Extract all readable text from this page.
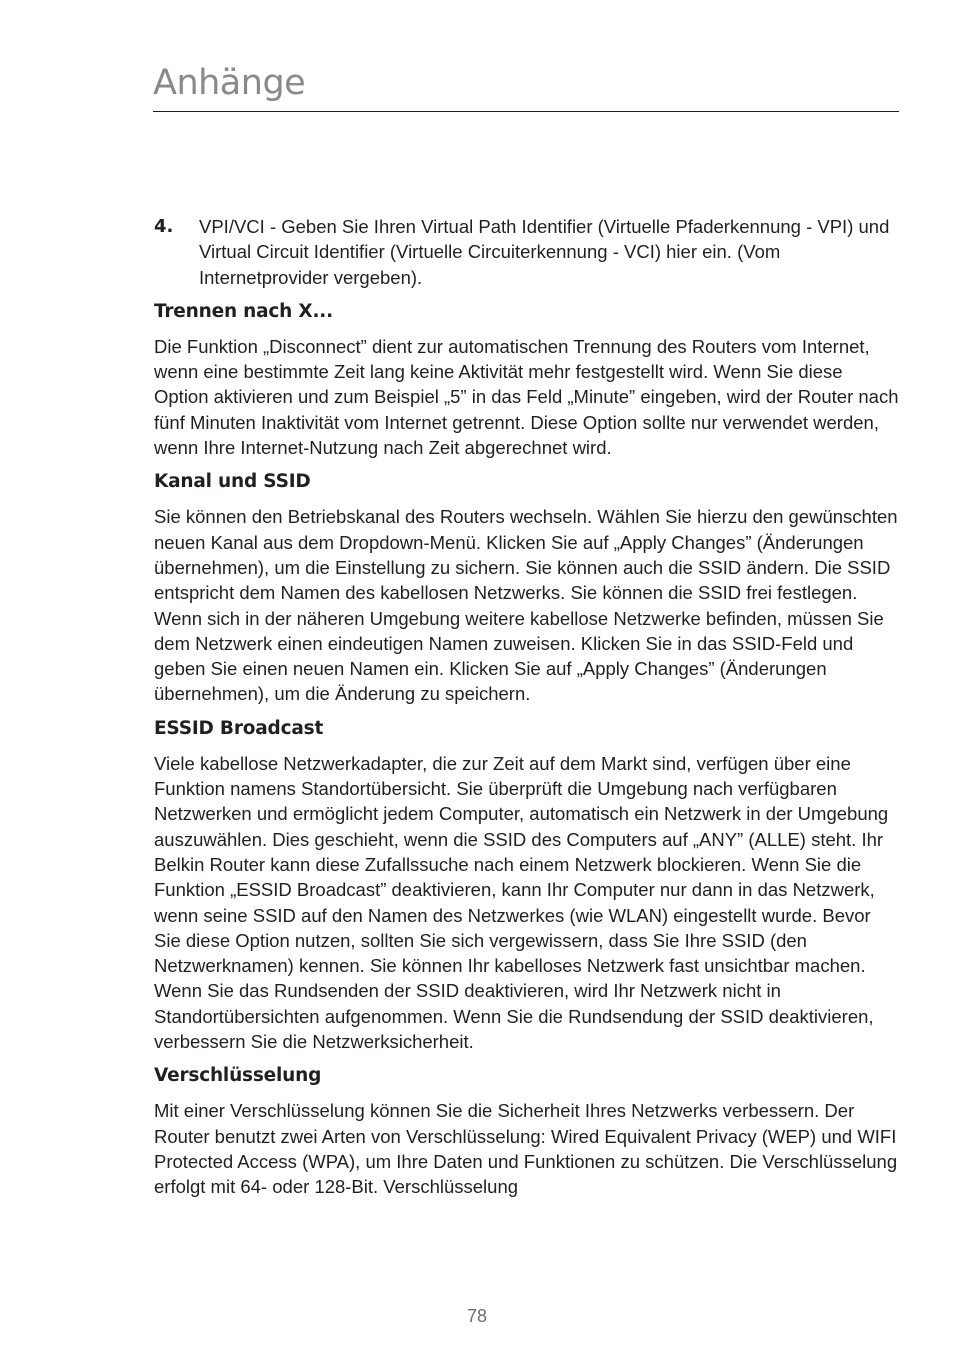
Anhänge
4. VPI/VCI - Geben Sie Ihren Virtual Path Identifier (Virtuelle Pfaderkennung - VPI) und Virtual Circuit Identifier (Virtuelle Circuiterkennung - VCI) hier ein. (Vom Internetprovider vergeben).
Trennen nach X...

Die Funktion „Disconnect” dient zur automatischen Trennung des Routers vom Internet, wenn eine bestimmte Zeit lang keine Aktivität mehr festgestellt wird. Wenn Sie diese Option aktivieren und zum Beispiel „5” in das Feld „Minute” eingeben, wird der Router nach fünf Minuten Inaktivität vom Internet getrennt. Diese Option sollte nur verwendet werden, wenn Ihre Internet-Nutzung nach Zeit abgerechnet wird.

Kanal und SSID

Sie können den Betriebskanal des Routers wechseln. Wählen Sie hierzu den gewünschten neuen Kanal aus dem Dropdown-Menü. Klicken Sie auf „Apply Changes” (Änderungen übernehmen), um die Einstellung zu sichern. Sie können auch die SSID ändern. Die SSID entspricht dem Namen des kabellosen Netzwerks. Sie können die SSID frei festlegen. Wenn sich in der näheren Umgebung weitere kabellose Netzwerke befinden, müssen Sie dem Netzwerk einen eindeutigen Namen zuweisen. Klicken Sie in das SSID-Feld und geben Sie einen neuen Namen ein. Klicken Sie auf „Apply Changes” (Änderungen übernehmen), um die Änderung zu speichern.

ESSID Broadcast

Viele kabellose Netzwerkadapter, die zur Zeit auf dem Markt sind, verfügen über eine Funktion namens Standortübersicht. Sie überprüft die Umgebung nach verfügbaren Netzwerken und ermöglicht jedem Computer, automatisch ein Netzwerk in der Umgebung auszuwählen. Dies geschieht, wenn die SSID des Computers auf „ANY” (ALLE) steht. Ihr Belkin Router kann diese Zufallssuche nach einem Netzwerk blockieren. Wenn Sie die Funktion „ESSID Broadcast” deaktivieren, kann Ihr Computer nur dann in das Netzwerk, wenn seine SSID auf den Namen des Netzwerkes (wie WLAN) eingestellt wurde. Bevor Sie diese Option nutzen, sollten Sie sich vergewissern, dass Sie Ihre SSID (den Netzwerknamen) kennen. Sie können Ihr kabelloses Netzwerk fast unsichtbar machen. Wenn Sie das Rundsenden der SSID deaktivieren, wird Ihr Netzwerk nicht in Standortübersichten aufgenommen. Wenn Sie die Rundsendung der SSID deaktivieren, verbessern Sie die Netzwerksicherheit.

Verschlüsselung

Mit einer Verschlüsselung können Sie die Sicherheit Ihres Netzwerks verbessern. Der Router benutzt zwei Arten von Verschlüsselung: Wired Equivalent Privacy (WEP) und WIFI Protected Access (WPA), um Ihre Daten und Funktionen zu schützen. Die Verschlüsselung erfolgt mit 64- oder 128-Bit. Verschlüsselung

78
